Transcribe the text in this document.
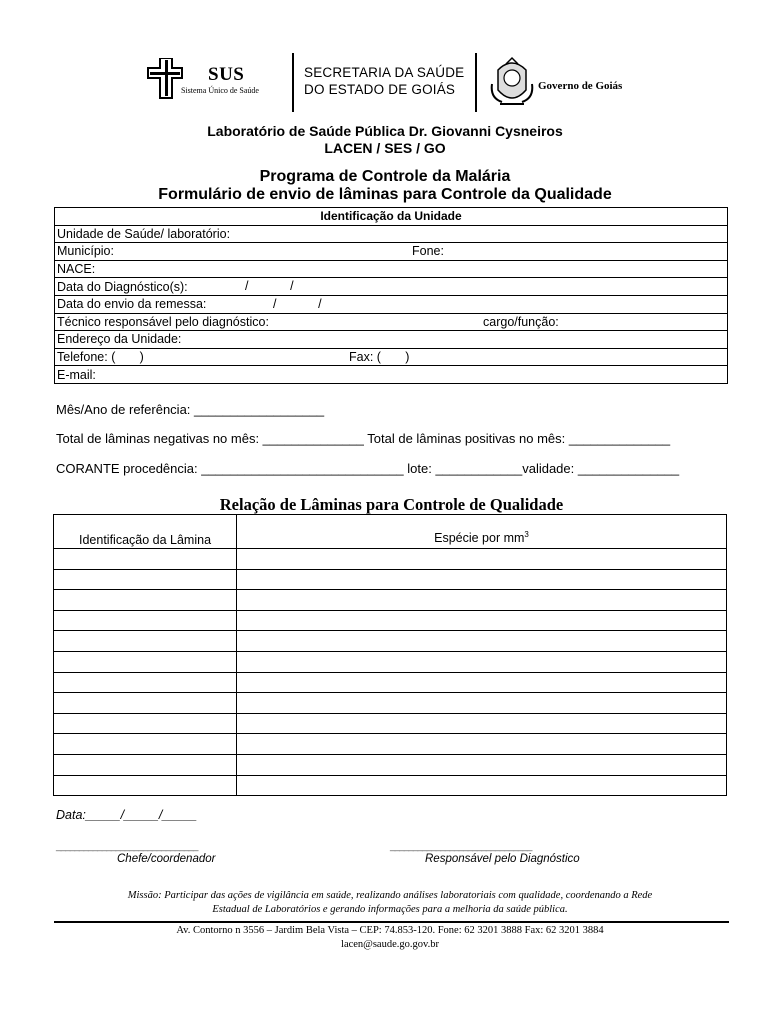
SUS
Sistema Único de Saúde
SECRETARIA DA SAÚDE
DO ESTADO DE GOIÁS	Governo de Goiás
Laboratório de Saúde Pública Dr. Giovanni Cysneiros
LACEN / SES / GO
Programa de Controle da Malária
Formulário de envio de lâminas para Controle da Qualidade
Identificação da Unidade
Unidade de Saúde/ laboratório:
Município:	Fone:

NACE:
Data do Diagnóstico(s):	/            /

Data do envio da remessa:	/            /

Técnico responsável pelo diagnóstico:	cargo/função:

Endereço da Unidade:
Telefone: (       )	Fax: (       )

E-mail:
Mês/Ano de referência: __________________
Total de lâminas negativas no mês: ______________ Total de lâminas positivas no mês: ______________
CORANTE procedência: ____________________________ lote: ____________validade: ______________
Relação de Lâminas para Controle de Qualidade
Identificação da Lâmina	Espécie por $mm^3$

Data:_____/_____/_____
_______________________________	_______________________________
Chefe/coordenador	Responsável pelo Diagnóstico
Missão: Participar das ações de vigilância em saúde, realizando análises laboratoriais com qualidade, coordenando a Rede
Estadual de Laboratórios e gerando informações para a melhoria da saúde pública.
Av. Contorno n 3556 – Jardim Bela Vista – CEP: 74.853-120. Fone: 62 3201 3888 Fax: 62 3201 3884
lacen@saude.go.gov.br
